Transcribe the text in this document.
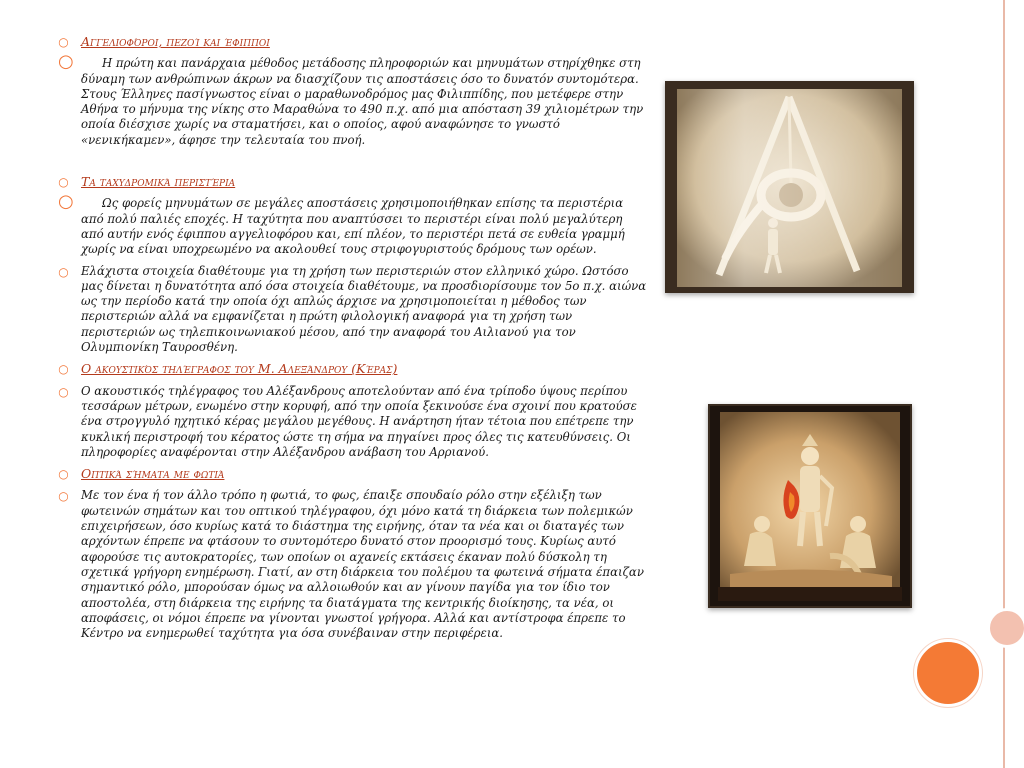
○ Αγγελιοφόροι, πεζοί και έφιπποι
○	Η πρώτη και πανάρχαια μέθοδος μετάδοσης πληροφοριών και μηνυμάτων στηρίχθηκε στη δύναμη των ανθρώπινων άκρων να διασχίζουν τις αποστάσεις όσο το δυνατόν συντομότερα. Στους Έλληνες πασίγνωστος είναι ο μαραθωνοδρόμος μας Φιλιππίδης, που μετέφερε στην Αθήνα το μήνυμα της νίκης στο Μαραθώνα το 490 π.χ. από μια απόσταση 39 χιλιομέτρων την οποία διέσχισε χωρίς να σταματήσει, και ο οποίος, αφού αναφώνησε το γνωστό «νενικήκαμεν», άφησε την τελευταία του πνοή.
○ Τα ταχυδρομικά περιστέρια
○	Ως φορείς μηνυμάτων σε μεγάλες αποστάσεις χρησιμοποιήθηκαν επίσης τα περιστέρια από πολύ παλιές εποχές. Η ταχύτητα που αναπτύσσει το περιστέρι είναι πολύ μεγαλύτερη από αυτήν ενός έφιππου αγγελιοφόρου και, επί πλέον, το περιστέρι πετά σε ευθεία γραμμή χωρίς να είναι υποχρεωμένο να ακολουθεί τους στριφογυριστούς δρόμους των ορέων.
○ Ελάχιστα στοιχεία διαθέτουμε για τη χρήση των περιστεριών στον ελληνικό χώρο. Ωστόσο μας δίνεται η δυνατότητα από όσα στοιχεία διαθέτουμε, να προσδιορίσουμε τον 5ο π.χ. αιώνα ως την περίοδο κατά την οποία όχι απλώς άρχισε να χρησιμοποιείται η μέθοδος των περιστεριών αλλά να εμφανίζεται η πρώτη φιλολογική αναφορά για τη χρήση των περιστεριών ως τηλεπικοινωνιακού μέσου, από την αναφορά του Αιλιανού για τον Ολυμπιονίκη Ταυροσθένη.
○ Ο ακουστικός τηλέγραφος του Μ. Αλεξάνδρου (Κέρας)
○ Ο ακουστικός τηλέγραφος του Αλέξανδρους αποτελούνταν από ένα τρίποδο ύψους περίπου τεσσάρων μέτρων, ενωμένο στην κορυφή, από την οποία ξεκινούσε ένα σχοινί που κρατούσε ένα στρογγυλό ηχητικό κέρας μεγάλου μεγέθους. Η ανάρτηση ήταν τέτοια που επέτρεπε την κυκλική περιστροφή του κέρατος ώστε τη σήμα να πηγαίνει προς όλες τις κατευθύνσεις. Οι πληροφορίες αναφέρονται στην Αλέξανδρου ανάβαση του Αρριανού.
○ Οπτικά σήματα με φωτιά
○ Με τον ένα ή τον άλλο τρόπο η φωτιά, το φως, έπαιξε σπουδαίο ρόλο στην εξέλιξη των φωτεινών σημάτων και του οπτικού τηλέγραφου, όχι μόνο κατά τη διάρκεια των πολεμικών επιχειρήσεων, όσο κυρίως κατά το διάστημα της ειρήνης, όταν τα νέα και οι διαταγές των αρχόντων έπρεπε να φτάσουν το συντομότερο δυνατό στον προορισμό τους. Κυρίως αυτό αφορούσε τις αυτοκρατορίες, των οποίων οι αχανείς εκτάσεις έκαναν πολύ δύσκολη τη σχετικά γρήγορη ενημέρωση. Γιατί, αν στη διάρκεια του πολέμου τα φωτεινά σήματα έπαιζαν σημαντικό ρόλο, μπορούσαν όμως να αλλοιωθούν και αν γίνουν παγίδα για τον ίδιο τον αποστολέα, στη διάρκεια της ειρήνης τα διατάγματα της κεντρικής διοίκησης, τα νέα, οι αποφάσεις, οι νόμοι έπρεπε να γίνονται γνωστοί γρήγορα. Αλλά και αντίστροφα έπρεπε το Κέντρο να ενημερωθεί ταχύτητα για όσα συνέβαιναν στην περιφέρεια.
